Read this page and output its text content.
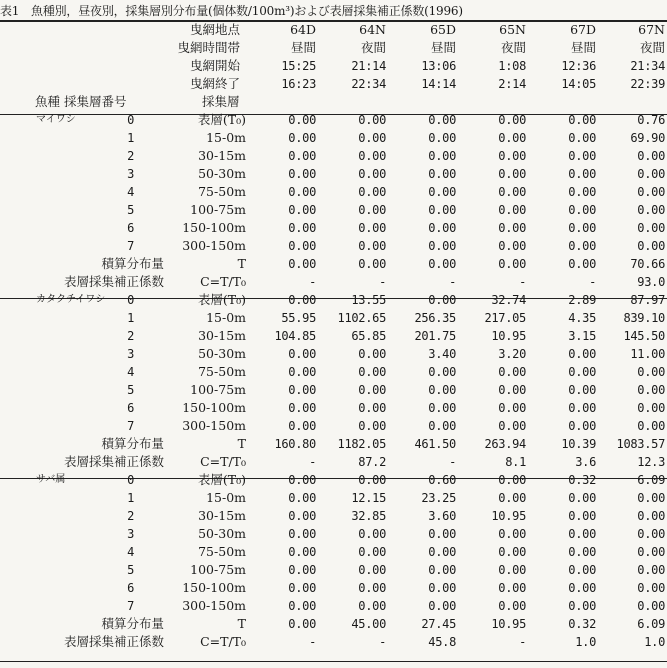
表1　魚種別，昼夜別，採集層別分布量(個体数/100m³)および表層採集補正係数(1996)

	曳網地点		64D	64N	65D	65N	67D	67N
	曳網時間帯		昼間	夜間	昼間	夜間	昼間	夜間
	曳網開始		15:25	21:14	13:06	1:08	12:36	21:34
	曳網終了		16:23	22:34	14:14	2:14	14:05	22:39
魚種	採集層番号	採集層						
マイワシ	0	表層(T₀)	0.00	0.00	0.00	0.00	0.00	0.76
	1	15-0m	0.00	0.00	0.00	0.00	0.00	69.90
	2	30-15m	0.00	0.00	0.00	0.00	0.00	0.00
	3	50-30m	0.00	0.00	0.00	0.00	0.00	0.00
	4	75-50m	0.00	0.00	0.00	0.00	0.00	0.00
	5	100-75m	0.00	0.00	0.00	0.00	0.00	0.00
	6	150-100m	0.00	0.00	0.00	0.00	0.00	0.00
	7	300-150m	0.00	0.00	0.00	0.00	0.00	0.00
積算分布量		T	0.00	0.00	0.00	0.00	0.00	70.66
表層採集補正係数		C=T/T₀	-	-	-	-	-	93.0
カタクチイワシ	0	表層(T₀)	0.00	13.55	0.00	32.74	2.89	87.97
	1	15-0m	55.95	1102.65	256.35	217.05	4.35	839.10
	2	30-15m	104.85	65.85	201.75	10.95	3.15	145.50
	3	50-30m	0.00	0.00	3.40	3.20	0.00	11.00
	4	75-50m	0.00	0.00	0.00	0.00	0.00	0.00
	5	100-75m	0.00	0.00	0.00	0.00	0.00	0.00
	6	150-100m	0.00	0.00	0.00	0.00	0.00	0.00
	7	300-150m	0.00	0.00	0.00	0.00	0.00	0.00
積算分布量		T	160.80	1182.05	461.50	263.94	10.39	1083.57
表層採集補正係数		C=T/T₀	-	87.2	-	8.1	3.6	12.3
サバ属	0	表層(T₀)	0.00	0.00	0.60	0.00	0.32	6.09
	1	15-0m	0.00	12.15	23.25	0.00	0.00	0.00
	2	30-15m	0.00	32.85	3.60	10.95	0.00	0.00
	3	50-30m	0.00	0.00	0.00	0.00	0.00	0.00
	4	75-50m	0.00	0.00	0.00	0.00	0.00	0.00
	5	100-75m	0.00	0.00	0.00	0.00	0.00	0.00
	6	150-100m	0.00	0.00	0.00	0.00	0.00	0.00
	7	300-150m	0.00	0.00	0.00	0.00	0.00	0.00
積算分布量		T	0.00	45.00	27.45	10.95	0.32	6.09
表層採集補正係数		C=T/T₀	-	-	45.8	-	1.0	1.0
